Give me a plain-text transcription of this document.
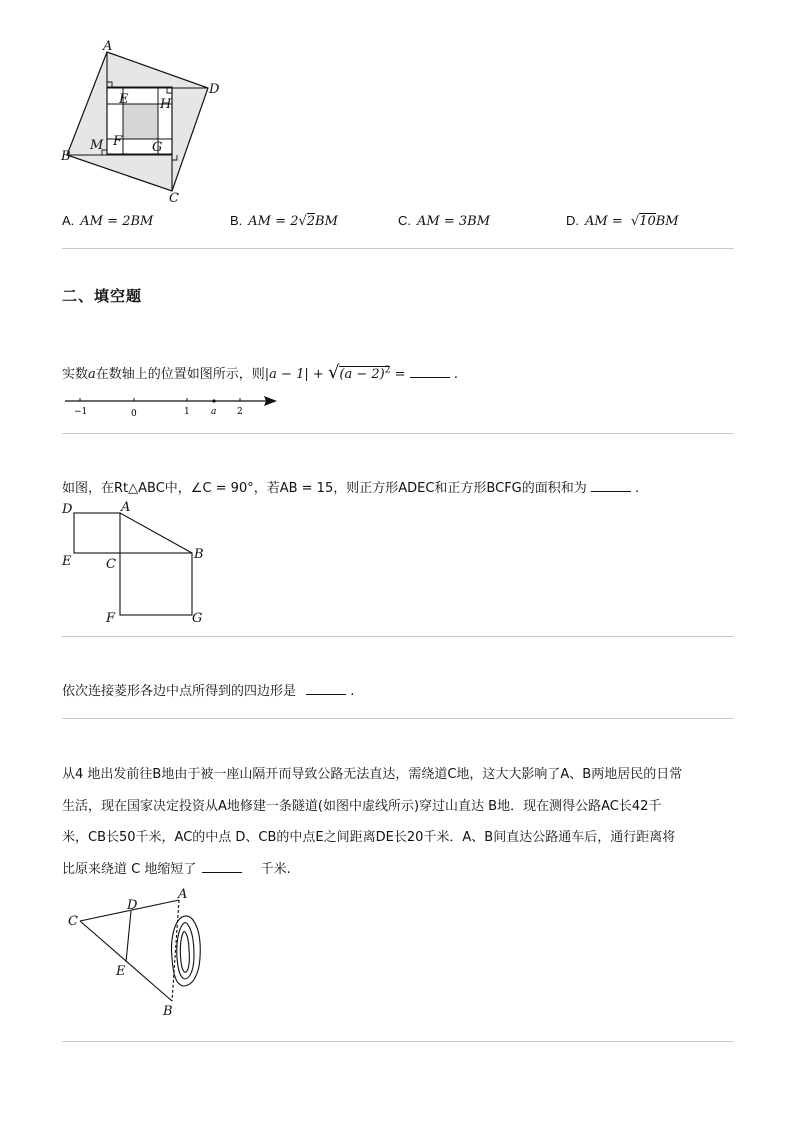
A
D
B
C
E H
F G
M
A. AM = 2BM	B. AM = 2√2BM	C. AM = 3BM	D. AM = √10BM
二、填空题
实数a在数轴上的位置如图所示，则$|a - 1| + √(a - 2)^2$ =	.
−1	0	1 a 2
如图，在Rt△ABC中，∠C = 90°，若AB = 15，则正方形ADEC和正方形BCFG的面积和为	.
D	A
E	C
B
F	G
依次连接菱形各边中点所得到的四边形是	.
从4 地出发前往B地由于被一座山隔开而导致公路无法直达，需绕道C地，这大大影响了A、B两地居民的日常
生活，现在国家决定投资从A地修建一条隧道(如图中虚线所示)穿过山直达 B地．现在测得公路AC长42千
米，CB长50千米，AC的中点 D、CB的中点E之间距离DE长20千米．A、B间直达公路通车后，通行距离将
比原来绕道 C 地缩短了	千米.
A
C
D
E
B
